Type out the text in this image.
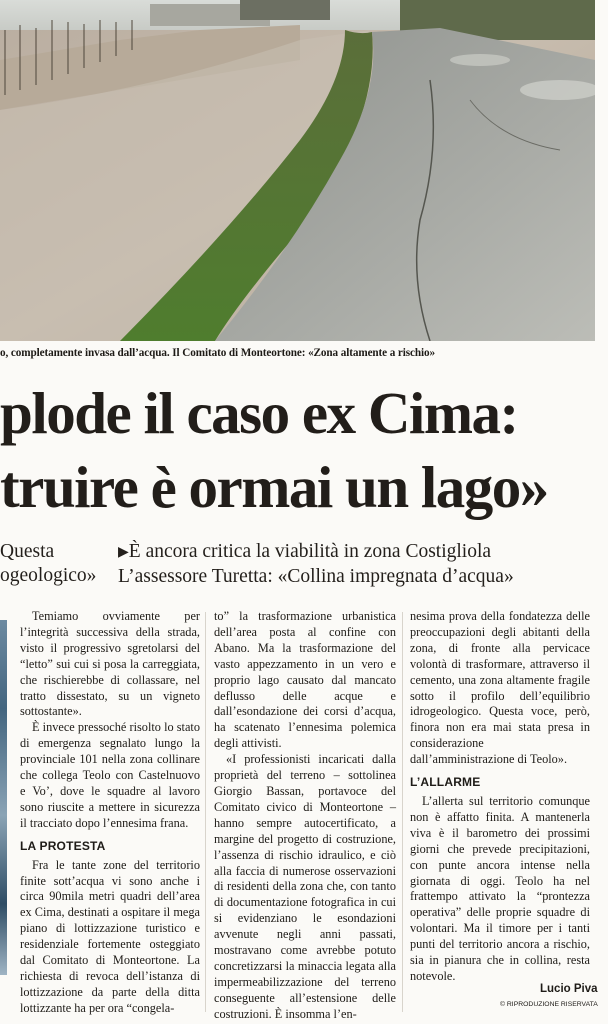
o, completamente invasa dall’acqua. Il Comitato di Monteortone: «Zona altamente a rischio»
plode il caso ex Cima:
truire è ormai un lago»
Questa
ogeologico»
▶È ancora critica la viabilità in zona Costigliola
L’assessore Turetta: «Collina impregnata d’acqua»

Temiamo ovviamente per l’integrità successiva della strada, visto il progressivo sgretolarsi del “letto” sui cui si posa la carreggiata, che rischierebbe di collassare, nel tratto dissestato, su un vigneto sottostante».

È invece pressoché risolto lo stato di emergenza segnalato lungo la provinciale 101 nella zona collinare che collega Teolo con Castelnuovo e Vo’, dove le squadre al lavoro sono riuscite a mettere in sicurezza il tracciato dopo l’ennesima frana.

LA PROTESTA

Fra le tante zone del territorio finite sott’acqua vi sono anche i circa 90mila metri quadri dell’area ex Cima, destinati a ospitare il mega piano di lottizzazione turistico e residenziale fortemente osteggiato dal Comitato di Monteortone. La richiesta di revoca dell’istanza di lottizzazione da parte della ditta lottizzante ha per ora “congela-

to” la trasformazione urbanistica dell’area posta al confine con Abano. Ma la trasformazione del vasto appezzamento in un vero e proprio lago causato dal mancato deflusso delle acque e dall’esondazione dei corsi d’acqua, ha scatenato l’ennesima polemica degli attivisti.

«I professionisti incaricati dalla proprietà del terreno – sottolinea Giorgio Bassan, portavoce del Comitato civico di Monteortone – hanno sempre autocertificato, a margine del progetto di costruzione, l’assenza di rischio idraulico, e ciò alla faccia di numerose osservazioni di residenti della zona che, con tanto di documentazione fotografica in cui si evidenziano le esondazioni avvenute negli anni passati, mostravano come avrebbe potuto concretizzarsi la minaccia legata alla impermeabilizzazione del terreno conseguente all’estensione delle costruzioni. È insomma l’en-

nesima prova della fondatezza delle preoccupazioni degli abitanti della zona, di fronte alla pervicace volontà di trasformare, attraverso il cemento, una zona altamente fragile sotto il profilo dell’equilibrio idrogeologico. Questa voce, però, finora non era mai stata presa in considerazione dall’amministrazione di Teolo».

L’ALLARME

L’allerta sul territorio comunque non è affatto finita. A mantenerla viva è il barometro dei prossimi giorni che prevede precipitazioni, con punte ancora intense nella giornata di oggi. Teolo ha nel frattempo attivato la “prontezza operativa” delle proprie squadre di volontari. Ma il timore per i tanti punti del territorio ancora a rischio, sia in pianura che in collina, resta notevole.

Lucio Piva
© RIPRODUZIONE RISERVATA
